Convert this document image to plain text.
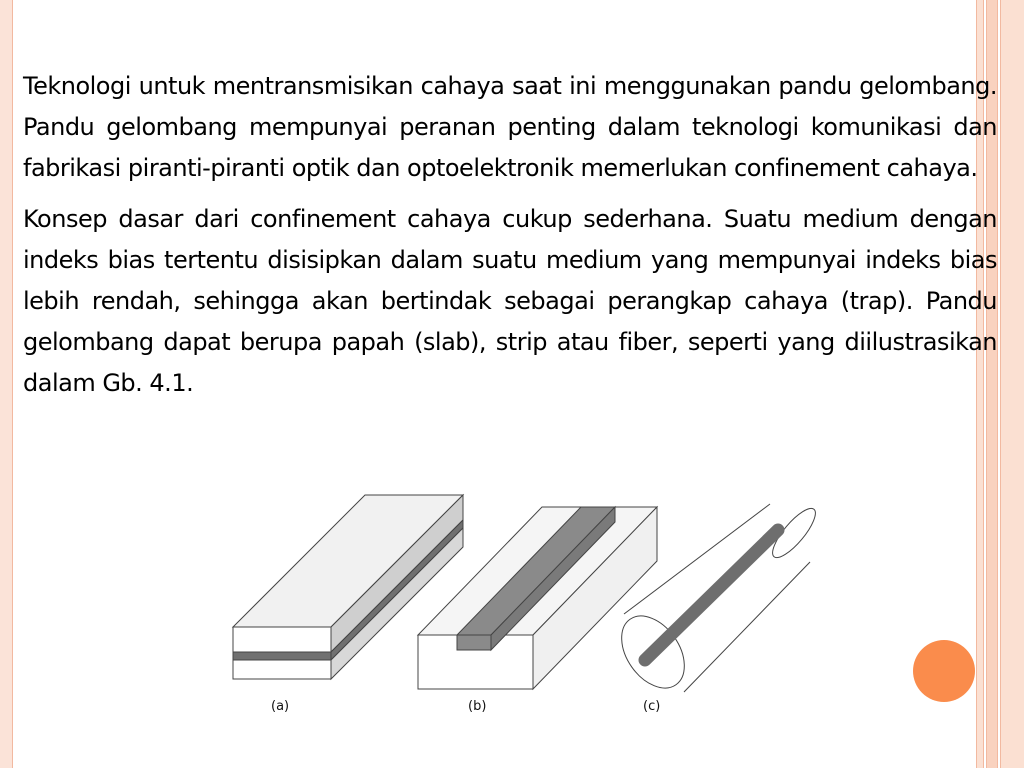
Teknologi untuk mentransmisikan cahaya saat ini menggunakan pandu gelombang. Pandu gelombang mempunyai peranan penting dalam teknologi komunikasi dan fabrikasi piranti-piranti optik dan optoelektronik memerlukan confinement cahaya.

Konsep dasar dari confinement cahaya cukup sederhana. Suatu medium dengan indeks bias tertentu disisipkan dalam suatu medium yang mempunyai indeks bias lebih rendah, sehingga akan bertindak sebagai perangkap cahaya (trap). Pandu gelombang dapat berupa papah (slab), strip atau fiber, seperti yang diilustrasikan dalam Gb. 4.1.

(a)	(b)	(c)
